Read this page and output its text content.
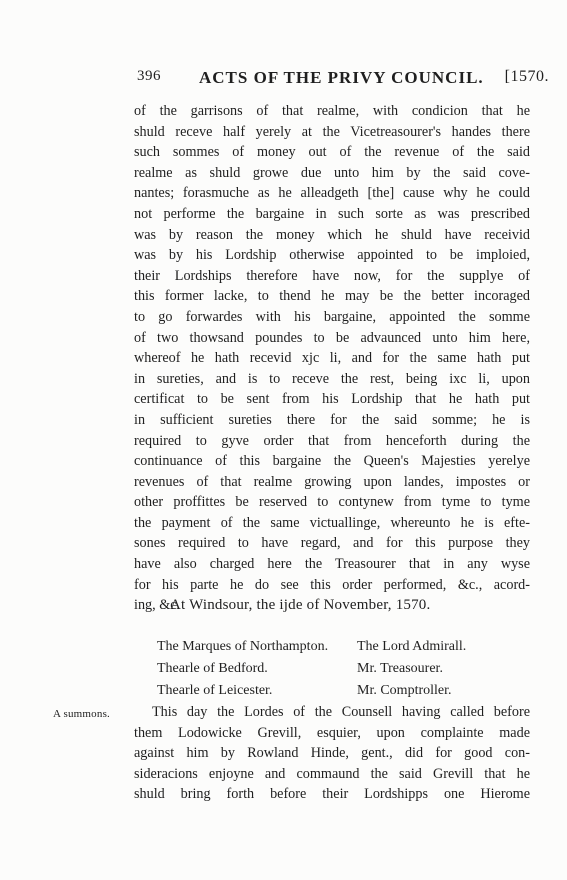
396 ACTS OF THE PRIVY COUNCIL. [1570.
of the garrisons of that realme, with condicion that he
shuld receve half yerely at the Vicetreasourer's handes there
such sommes of money out of the revenue of the said
realme as shuld growe due unto him by the said cove-
nantes; forasmuche as he alleadgeth [the] cause why he could
not performe the bargaine in such sorte as was prescribed
was by reason the money which he shuld have receivid
was by his Lordship otherwise appointed to be imploied,
their Lordships therefore have now, for the supplye of
this former lacke, to thend he may be the better incoraged
to go forwardes with his bargaine, appointed the somme
of two thowsand poundes to be advaunced unto him here,
whereof he hath recevid xjc li, and for the same hath put
in sureties, and is to receve the rest, being ixc li, upon
certificat to be sent from his Lordship that he hath put
in sufficient sureties there for the said somme; he is
required to gyve order that from henceforth during the
continuance of this bargaine the Queen's Majesties yerelye
revenues of that realme growing upon landes, impostes or
other proffittes be reserved to contynew from tyme to tyme
the payment of the same victuallinge, whereunto he is efte-
sones required to have regard, and for this purpose they
have also charged here the Treasourer that in any wyse
for his parte he do see this order performed, &c., acord-
ing, &c.
At Windsour, the ijde of November, 1570.
The Marques of Northampton. The Lord Admirall.
Thearle of Bedford.	Mr. Treasourer.
Thearle of Leicester.	Mr. Comptroller.
A summons.	This day the Lordes of the Counsell having called before
them Lodowicke Grevill, esquier, upon complainte made
against him by Rowland Hinde, gent., did for good con-
sideracions enjoyne and commaund the said Grevill that he
shuld bring forth before their Lordshipps one Hierome
